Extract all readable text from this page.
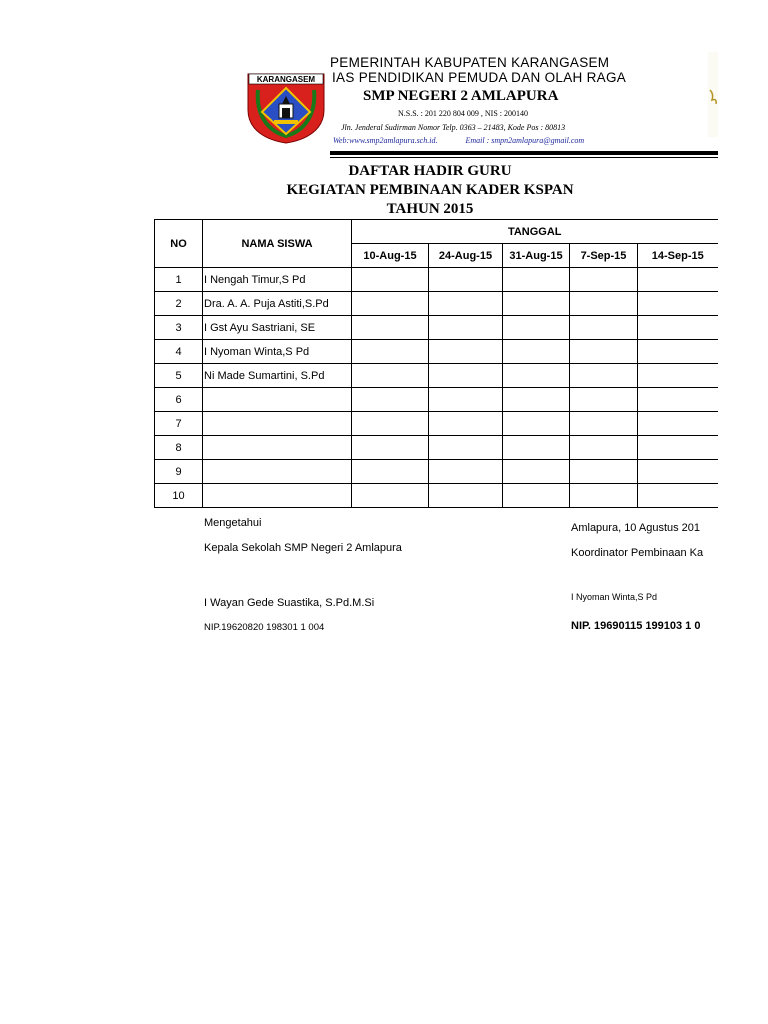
KARANGASEM
PEMERINTAH KABUPATEN KARANGASEM
IAS PENDIDIKAN PEMUDA DAN OLAH RAGA
SMP NEGERI 2 AMLAPURA
N.S.S. : 201 220 804 009 , NIS : 200140
Jln. Jenderal Sudirman Nomor Telp. 0363 – 21483, Kode Pos : 80813
Web:www.smp2amlapura.sch.id.	Email : smpn2amlapura@gmail.com
DAFTAR HADIR GURU
KEGIATAN PEMBINAAN KADER KSPAN
TAHUN 2015
NO	NAMA SISWA	TANGGAL				
		10-Aug-15	24-Aug-15	31-Aug-15	7-Sep-15	14-Sep-15
1	I Nengah Timur,S Pd					
2	Dra. A. A. Puja Astiti,S.Pd					
3	I Gst Ayu Sastriani, SE					
4	I Nyoman Winta,S Pd					
5	Ni Made Sumartini, S.Pd					
6						
7						
8						
9						
10						
Mengetahui
Kepala Sekolah SMP Negeri 2 Amlapura
I Wayan Gede Suastika, S.Pd.M.Si
NIP.19620820 198301 1 004
Amlapura, 10 Agustus 201
Koordinator Pembinaan Ka
I Nyoman Winta,S Pd
NIP. 19690115 199103 1 0
